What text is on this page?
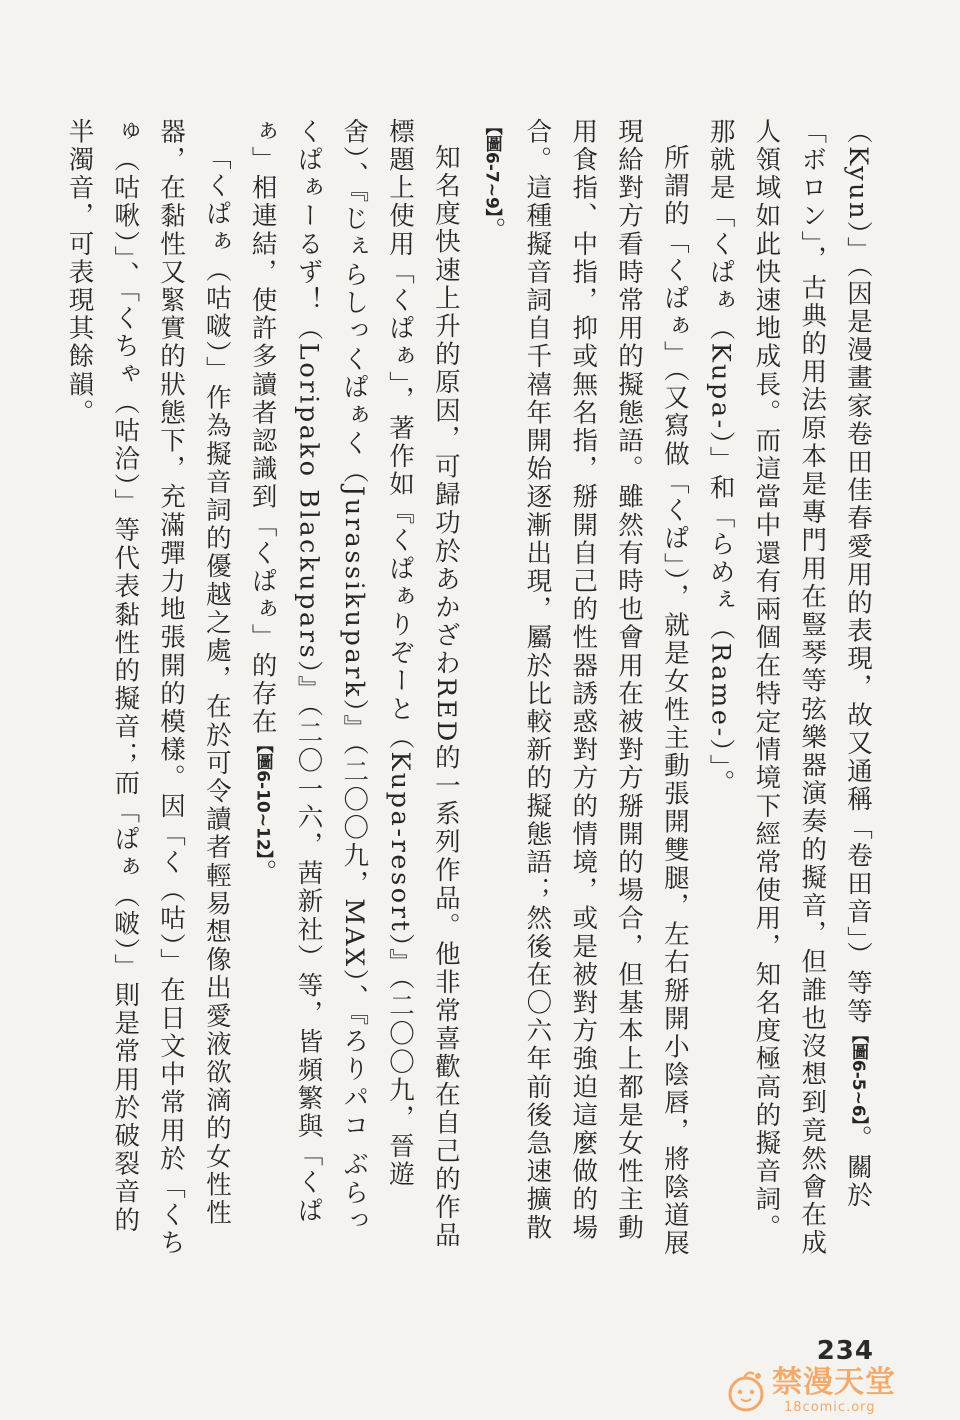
（Kyun）」（因是漫畫家卷田佳春愛用的表現，故又通稱「卷田音」）等等【圖6-5~6】。關於「ボロン」，古典的用法原本是專門用在豎琴等弦樂器演奏的擬音，但誰也沒想到竟然會在成人領域如此快速地成長。而這當中還有兩個在特定情境下經常使用，知名度極高的擬音詞。那就是「くぱぁ（Kupa-）」和「らめぇ（Rame-）」。

所謂的「くぱぁ」（又寫做「くぱ」），就是女性主動張開雙腿，左右掰開小陰唇，將陰道展現給對方看時常用的擬態語。雖然有時也會用在被對方掰開的場合，但基本上都是女性主動用食指、中指，抑或無名指，掰開自己的性器誘惑對方的情境，或是被對方強迫這麼做的場合。這種擬音詞自千禧年開始逐漸出現，屬於比較新的擬態語；然後在〇六年前後急速擴散【圖6-7~9】。

知名度快速上升的原因，可歸功於あかざわRED的一系列作品。他非常喜歡在自己的作品標題上使用「くぱぁ」，著作如『くぱぁりぞーと（Kupa-resort）』（二〇〇九，晉遊舍）、『じぇらしっくぱぁく（Jurassikupark）』（二〇〇九，MAX）、『ろりパコ ぶらっくぱぁーるず！（Loripako Blackupars）』（二〇一六，茜新社）等，皆頻繁與「くぱぁ」相連結，使許多讀者認識到「くぱぁ」的存在【圖6-10~12】。

「くぱぁ（咕啵）」作為擬音詞的優越之處，在於可令讀者輕易想像出愛液欲滴的女性性器，在黏性又緊實的狀態下，充滿彈力地張開的模樣。因「く（咕）」在日文中常用於「くちゅ（咕啾）」、「くちゃ（咕洽）」等代表黏性的擬音；而「ぱぁ（啵）」則是常用於破裂音的半濁音，可表現其餘韻。

234
禁漫天堂
18comic.org
